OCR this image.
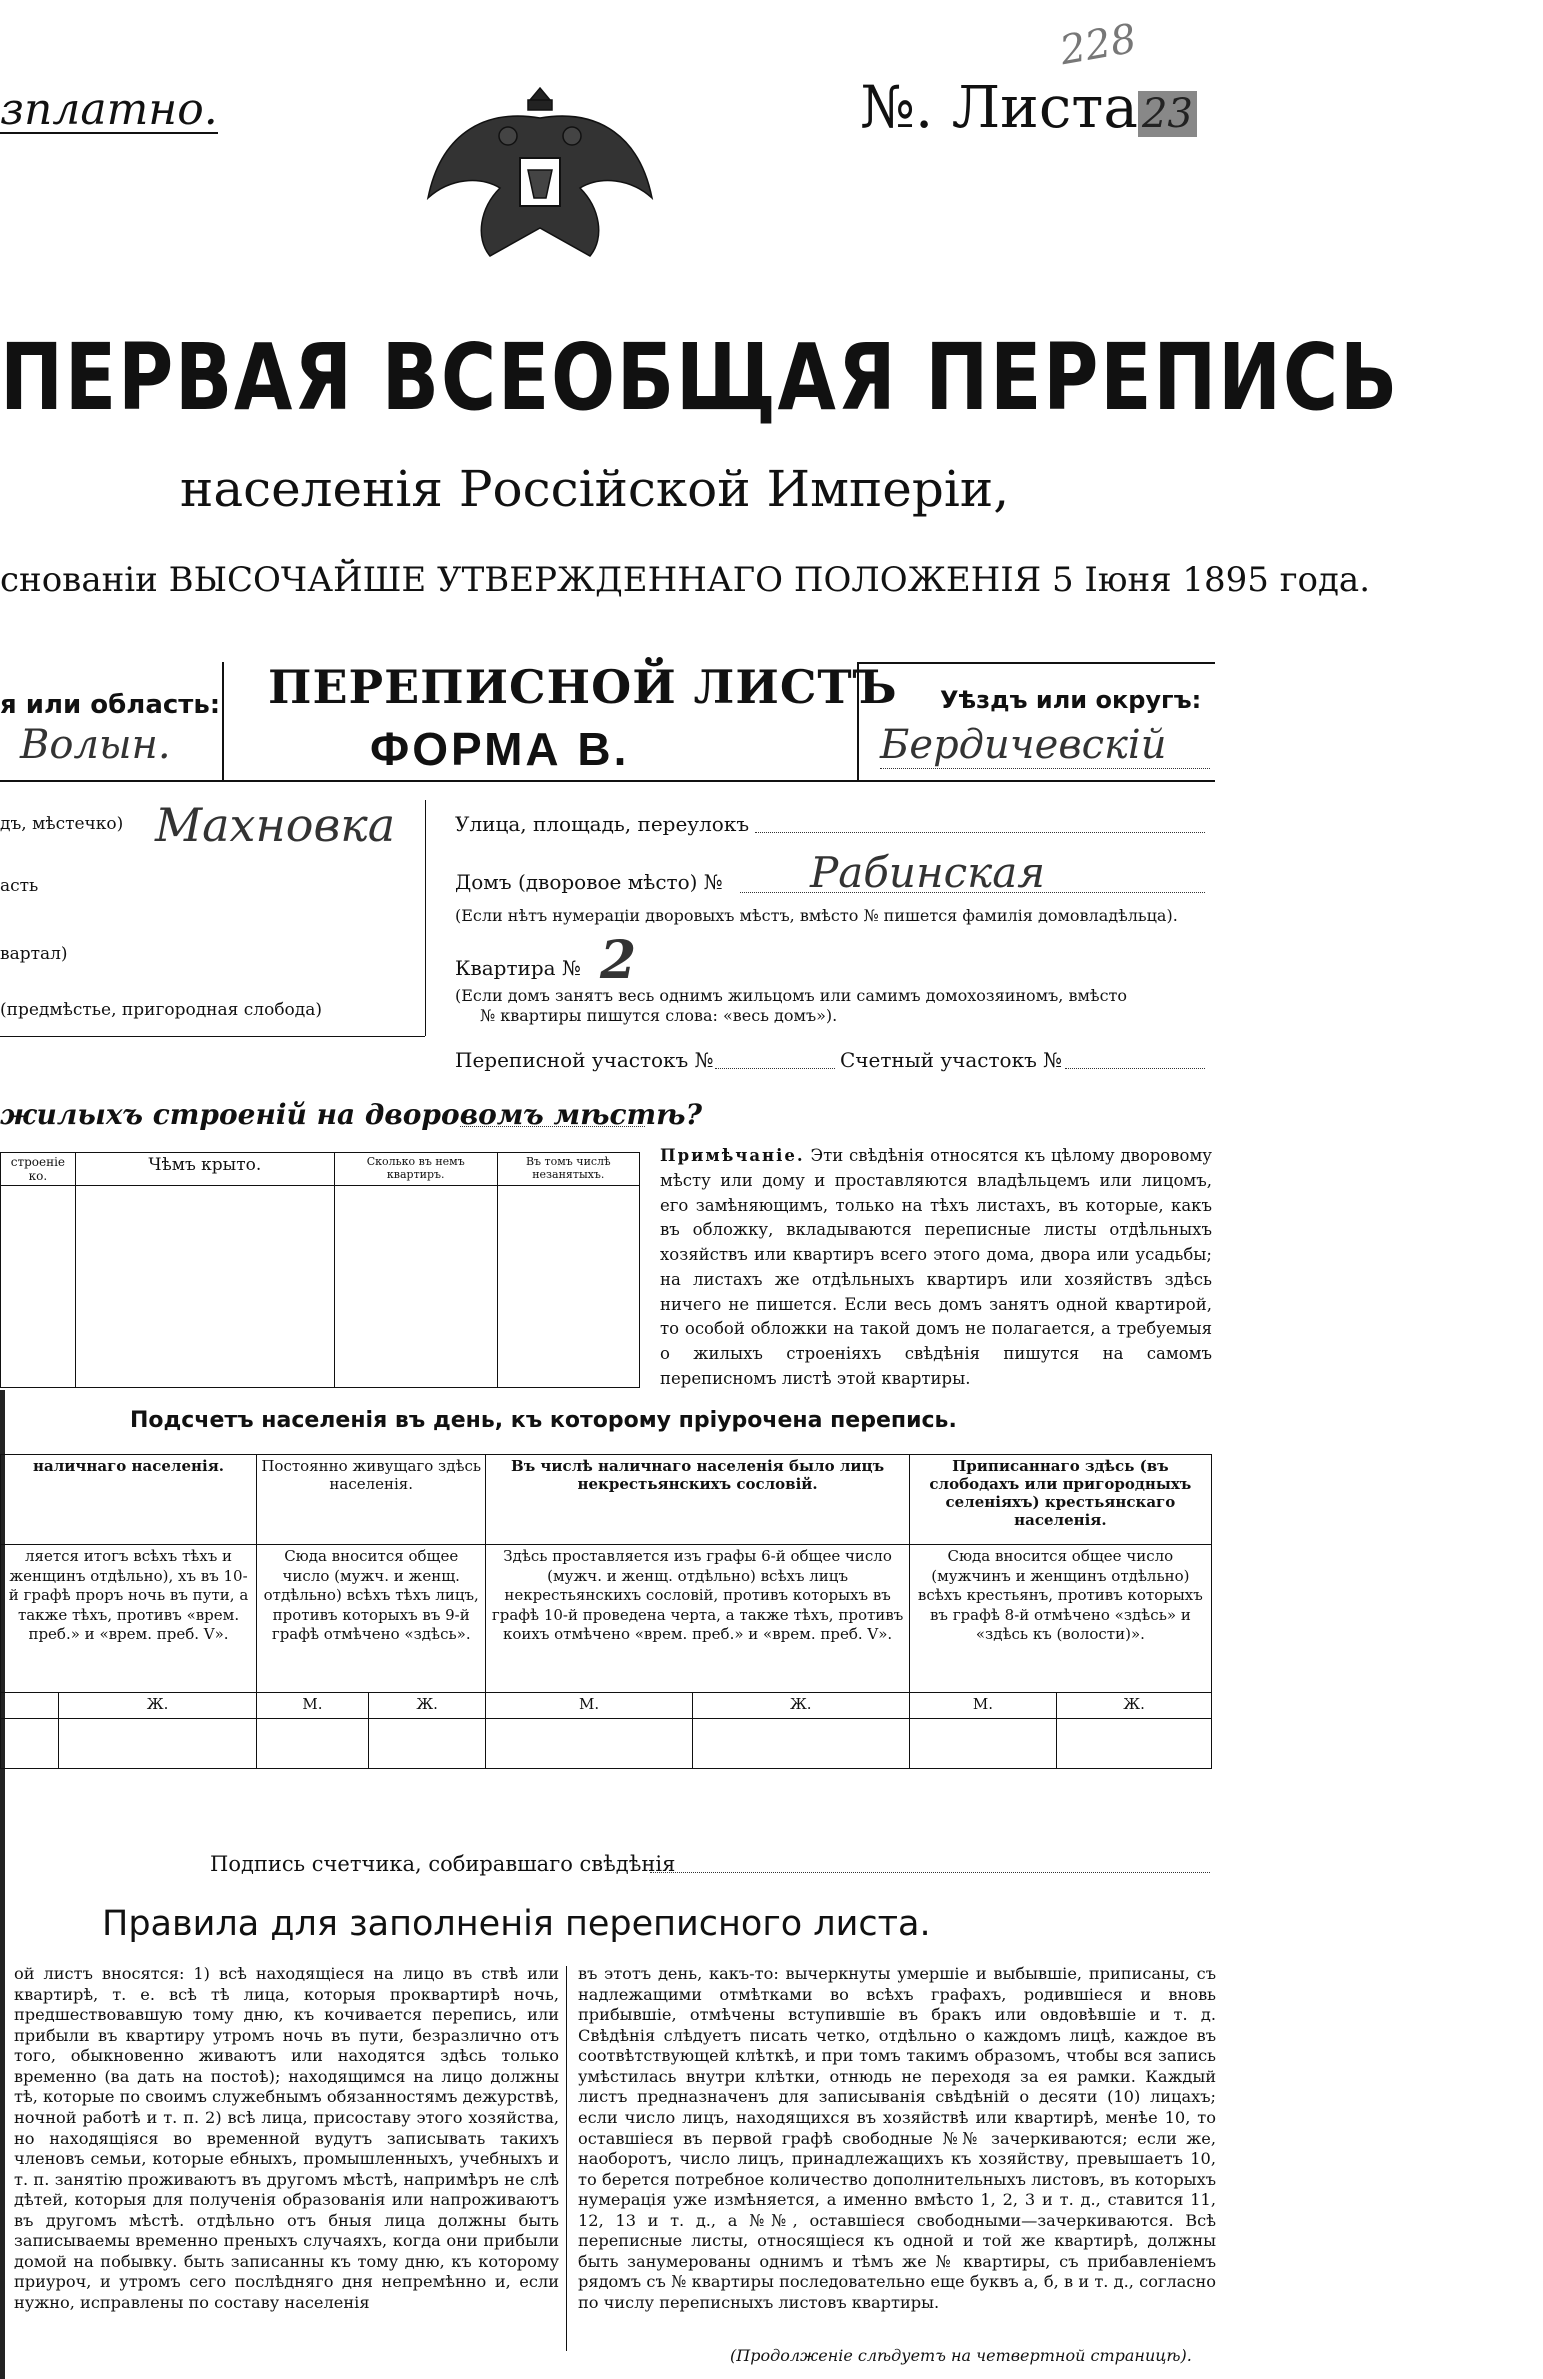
зплатно.
228
№. Листа 23
ПЕРВАЯ ВСЕОБЩАЯ ПЕРЕПИСЬ
населенія Россійской Имперіи,
снованіи ВЫСОЧАЙШЕ УТВЕРЖДЕННАГО ПОЛОЖЕНІЯ 5 Іюня 1895 года.
я или область:
Волын.
ПЕРЕПИСНОЙ ЛИСТЪ
ФОРМА В.
Уѣздъ или округъ:
Бердичевскій
дъ, мѣстечко) Махновка
асть
вартал)
(предмѣстье, пригородная слобода)
Улица, площадь, переулокъ
Домъ (дворовое мѣсто) № Рабинская
(Если нѣтъ нумераціи дворовыхъ мѣстъ, вмѣсто № пишется фамилія домовладѣльца).
Квартира № 2
(Если домъ занятъ весь однимъ жильцомъ или самимъ домохозяиномъ, вмѣсто
№ квартиры пишутся слова: «весь домъ»).
Переписной участокъ №	Счетный участокъ №
жилыхъ строеній на дворовомъ мѣстѣ?
строеніе
ко.	Чѣмъ крыто.	Сколько въ немъ квартиръ.	Въ томъ числѣ незанятыхъ.

Примѣчаніе. Эти свѣдѣнія относятся къ цѣлому дворовому мѣсту или дому и проставляются владѣльцемъ или лицомъ, его замѣняющимъ, только на тѣхъ листахъ, въ которые, какъ въ обложку, вкладываются переписные листы отдѣльныхъ хозяйствъ или квартиръ всего этого дома, двора или усадьбы; на листахъ же отдѣльныхъ квартиръ или хозяйствъ здѣсь ничего не пишется. Если весь домъ занятъ одной квартирой, то особой обложки на такой домъ не полагается, а требуемыя о жилыхъ строеніяхъ свѣдѣнія пишутся на самомъ переписномъ листѣ этой квартиры.
Подсчетъ населенія въ день, къ которому пріурочена перепись.
наличнаго населенія.		Постоянно живущаго здѣсь населенія.		Въ числѣ наличнаго населенія было лицъ некрестьянскихъ сословій.		Приписаннаго здѣсь (въ слободахъ или пригородныхъ селеніяхъ) крестьянскаго населенія.	
ляется итогъ всѣхъ тѣхъ и женщинъ отдѣльно), хъ въ 10-й графѣ проръ ночь въ пути, а также тѣхъ, противъ «врем. преб.» и «врем. преб. V».		Сюда вносится общее число (мужч. и женщ. отдѣльно) всѣхъ тѣхъ лицъ, противъ которыхъ въ 9-й графѣ отмѣчено «здѣсь».		Здѣсь проставляется изъ графы 6-й общее число (мужч. и женщ. отдѣльно) всѣхъ лицъ некрестьянскихъ сословій, противъ которыхъ въ графѣ 10-й проведена черта, а также тѣхъ, противъ коихъ отмѣчено «врем. преб.» и «врем. преб. V».		Сюда вносится общее число (мужчинъ и женщинъ отдѣльно) всѣхъ крестьянъ, противъ которыхъ въ графѣ 8-й отмѣчено «здѣсь» и «здѣсь къ (волости)».	
	Ж.	М.	Ж.	М.	Ж.	М.	Ж.

Подпись счетчика, собиравшаго свѣдѣнія
Правила для заполненія переписного листа.
ой листъ вносятся: 1) всѣ находящіеся на лицо въ ствѣ или квартирѣ, т. е. всѣ тѣ лица, которыя проквартирѣ ночь, предшествовавшую тому дню, къ кочивается перепись, или прибыли въ квартиру утромъ ночь въ пути, безразлично отъ того, обыкновенно живаютъ или находятся здѣсь только временно (ва дать на постоѣ); находящимся на лицо должны тѣ, которые по своимъ служебнымъ обязанностямъ дежурствѣ, ночной работѣ и т. п. 2) всѣ лица, присоставу этого хозяйства, но находящіяся во временной вудутъ записывать такихъ членовъ семьи, которые ебныхъ, промышленныхъ, учебныхъ и т. п. занятію проживаютъ въ другомъ мѣстѣ, напримѣръ не слѣ дѣтей, которыя для полученія образованія или напроживаютъ въ другомъ мѣстѣ. отдѣльно отъ бныя лица должны быть записываемы временно преныхъ случаяхъ, когда они прибыли домой на побывку. быть записанны къ тому дню, къ которому приуроч, и утромъ сего послѣдняго дня непремѣнно и, если нужно, исправлены по составу населенія
въ этотъ день, какъ-то: вычеркнуты умершіе и выбывшіе, приписаны, съ надлежащими отмѣтками во всѣхъ графахъ, родившіеся и вновь прибывшіе, отмѣчены вступившіе въ бракъ или овдовѣвшіе и т. д. Свѣдѣнія слѣдуетъ писать четко, отдѣльно о каждомъ лицѣ, каждое въ соотвѣтствующей клѣткѣ, и при томъ такимъ образомъ, чтобы вся запись умѣстилась внутри клѣтки, отнюдь не переходя за ея рамки. Каждый листъ предназначенъ для записыванія свѣдѣній о десяти (10) лицахъ; если число лицъ, находящихся въ хозяйствѣ или квартирѣ, менѣе 10, то оставшіеся въ первой графѣ свободные №№ зачеркиваются; если же, наоборотъ, число лицъ, принадлежащихъ къ хозяйству, превышаетъ 10, то берется потребное количество дополнительныхъ листовъ, въ которыхъ нумерація уже измѣняется, а именно вмѣсто 1, 2, 3 и т. д., ставится 11, 12, 13 и т. д., а №№, оставшіеся свободными—зачеркиваются. Всѣ переписные листы, относящіеся къ одной и той же квартирѣ, должны быть занумерованы однимъ и тѣмъ же № квартиры, съ прибавленіемъ рядомъ съ № квартиры последовательно еще буквъ а, б, в и т. д., согласно по числу переписныхъ листовъ квартиры.
(Продолженіе слѣдуетъ на четвертной страницѣ).
